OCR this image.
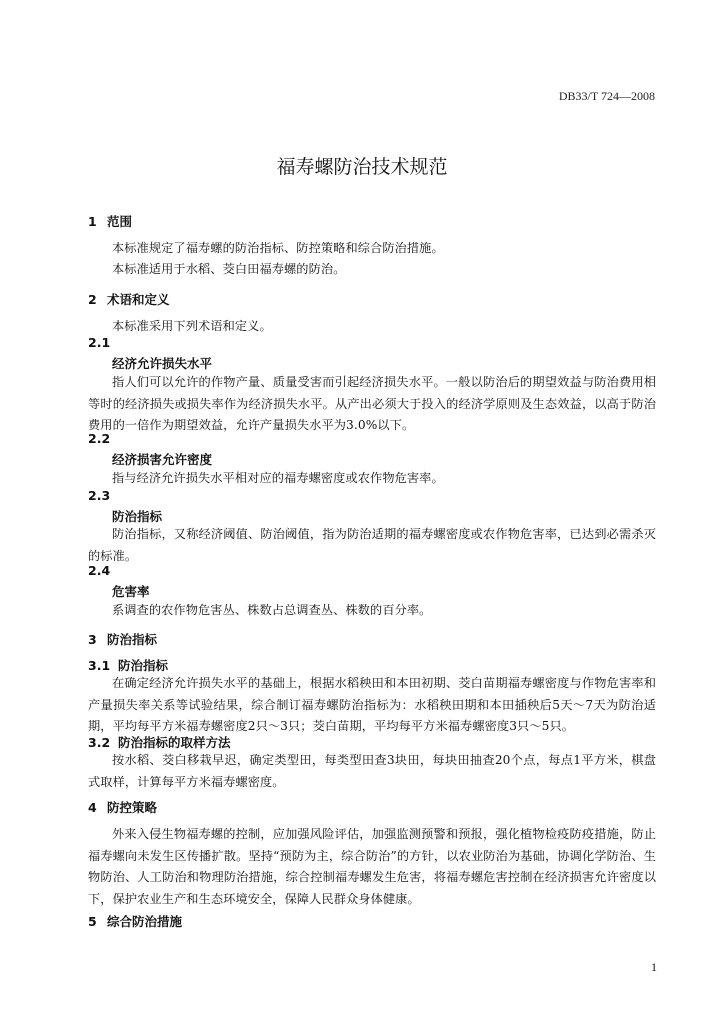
DB33/T 724—2008
福寿螺防治技术规范
1 范围

本标准规定了福寿螺的防治指标、防控策略和综合防治措施。

本标准适用于水稻、茭白田福寿螺的防治。

2 术语和定义

本标准采用下列术语和定义。

2.1
经济允许损失水平

指人们可以允许的作物产量、质量受害而引起经济损失水平。一般以防治后的期望效益与防治费用相等时的经济损失或损失率作为经济损失水平。从产出必须大于投入的经济学原则及生态效益，以高于防治费用的一倍作为期望效益，允许产量损失水平为3.0%以下。

2.2
经济损害允许密度

指与经济允许损失水平相对应的福寿螺密度或农作物危害率。

2.3
防治指标

防治指标，又称经济阈值、防治阈值，指为防治适期的福寿螺密度或农作物危害率，已达到必需杀灭的标准。

2.4
危害率

系调查的农作物危害丛、株数占总调查丛、株数的百分率。

3 防治指标
3.1 防治指标

在确定经济允许损失水平的基础上，根据水稻秧田和本田初期、茭白苗期福寿螺密度与作物危害率和产量损失率关系等试验结果，综合制订福寿螺防治指标为：水稻秧田期和本田插秧后5天～7天为防治适期，平均每平方米福寿螺密度2只～3只；茭白苗期，平均每平方米福寿螺密度3只～5只。

3.2 防治指标的取样方法

按水稻、茭白移栽早迟，确定类型田，每类型田查3块田，每块田抽查20个点，每点1平方米，棋盘式取样，计算每平方米福寿螺密度。

4 防控策略

外来入侵生物福寿螺的控制，应加强风险评估，加强监测预警和预报，强化植物检疫防疫措施，防止福寿螺向未发生区传播扩散。坚持“预防为主，综合防治”的方针，以农业防治为基础，协调化学防治、生物防治、人工防治和物理防治措施，综合控制福寿螺发生危害，将福寿螺危害控制在经济损害允许密度以下，保护农业生产和生态环境安全，保障人民群众身体健康。

5 综合防治措施
1
